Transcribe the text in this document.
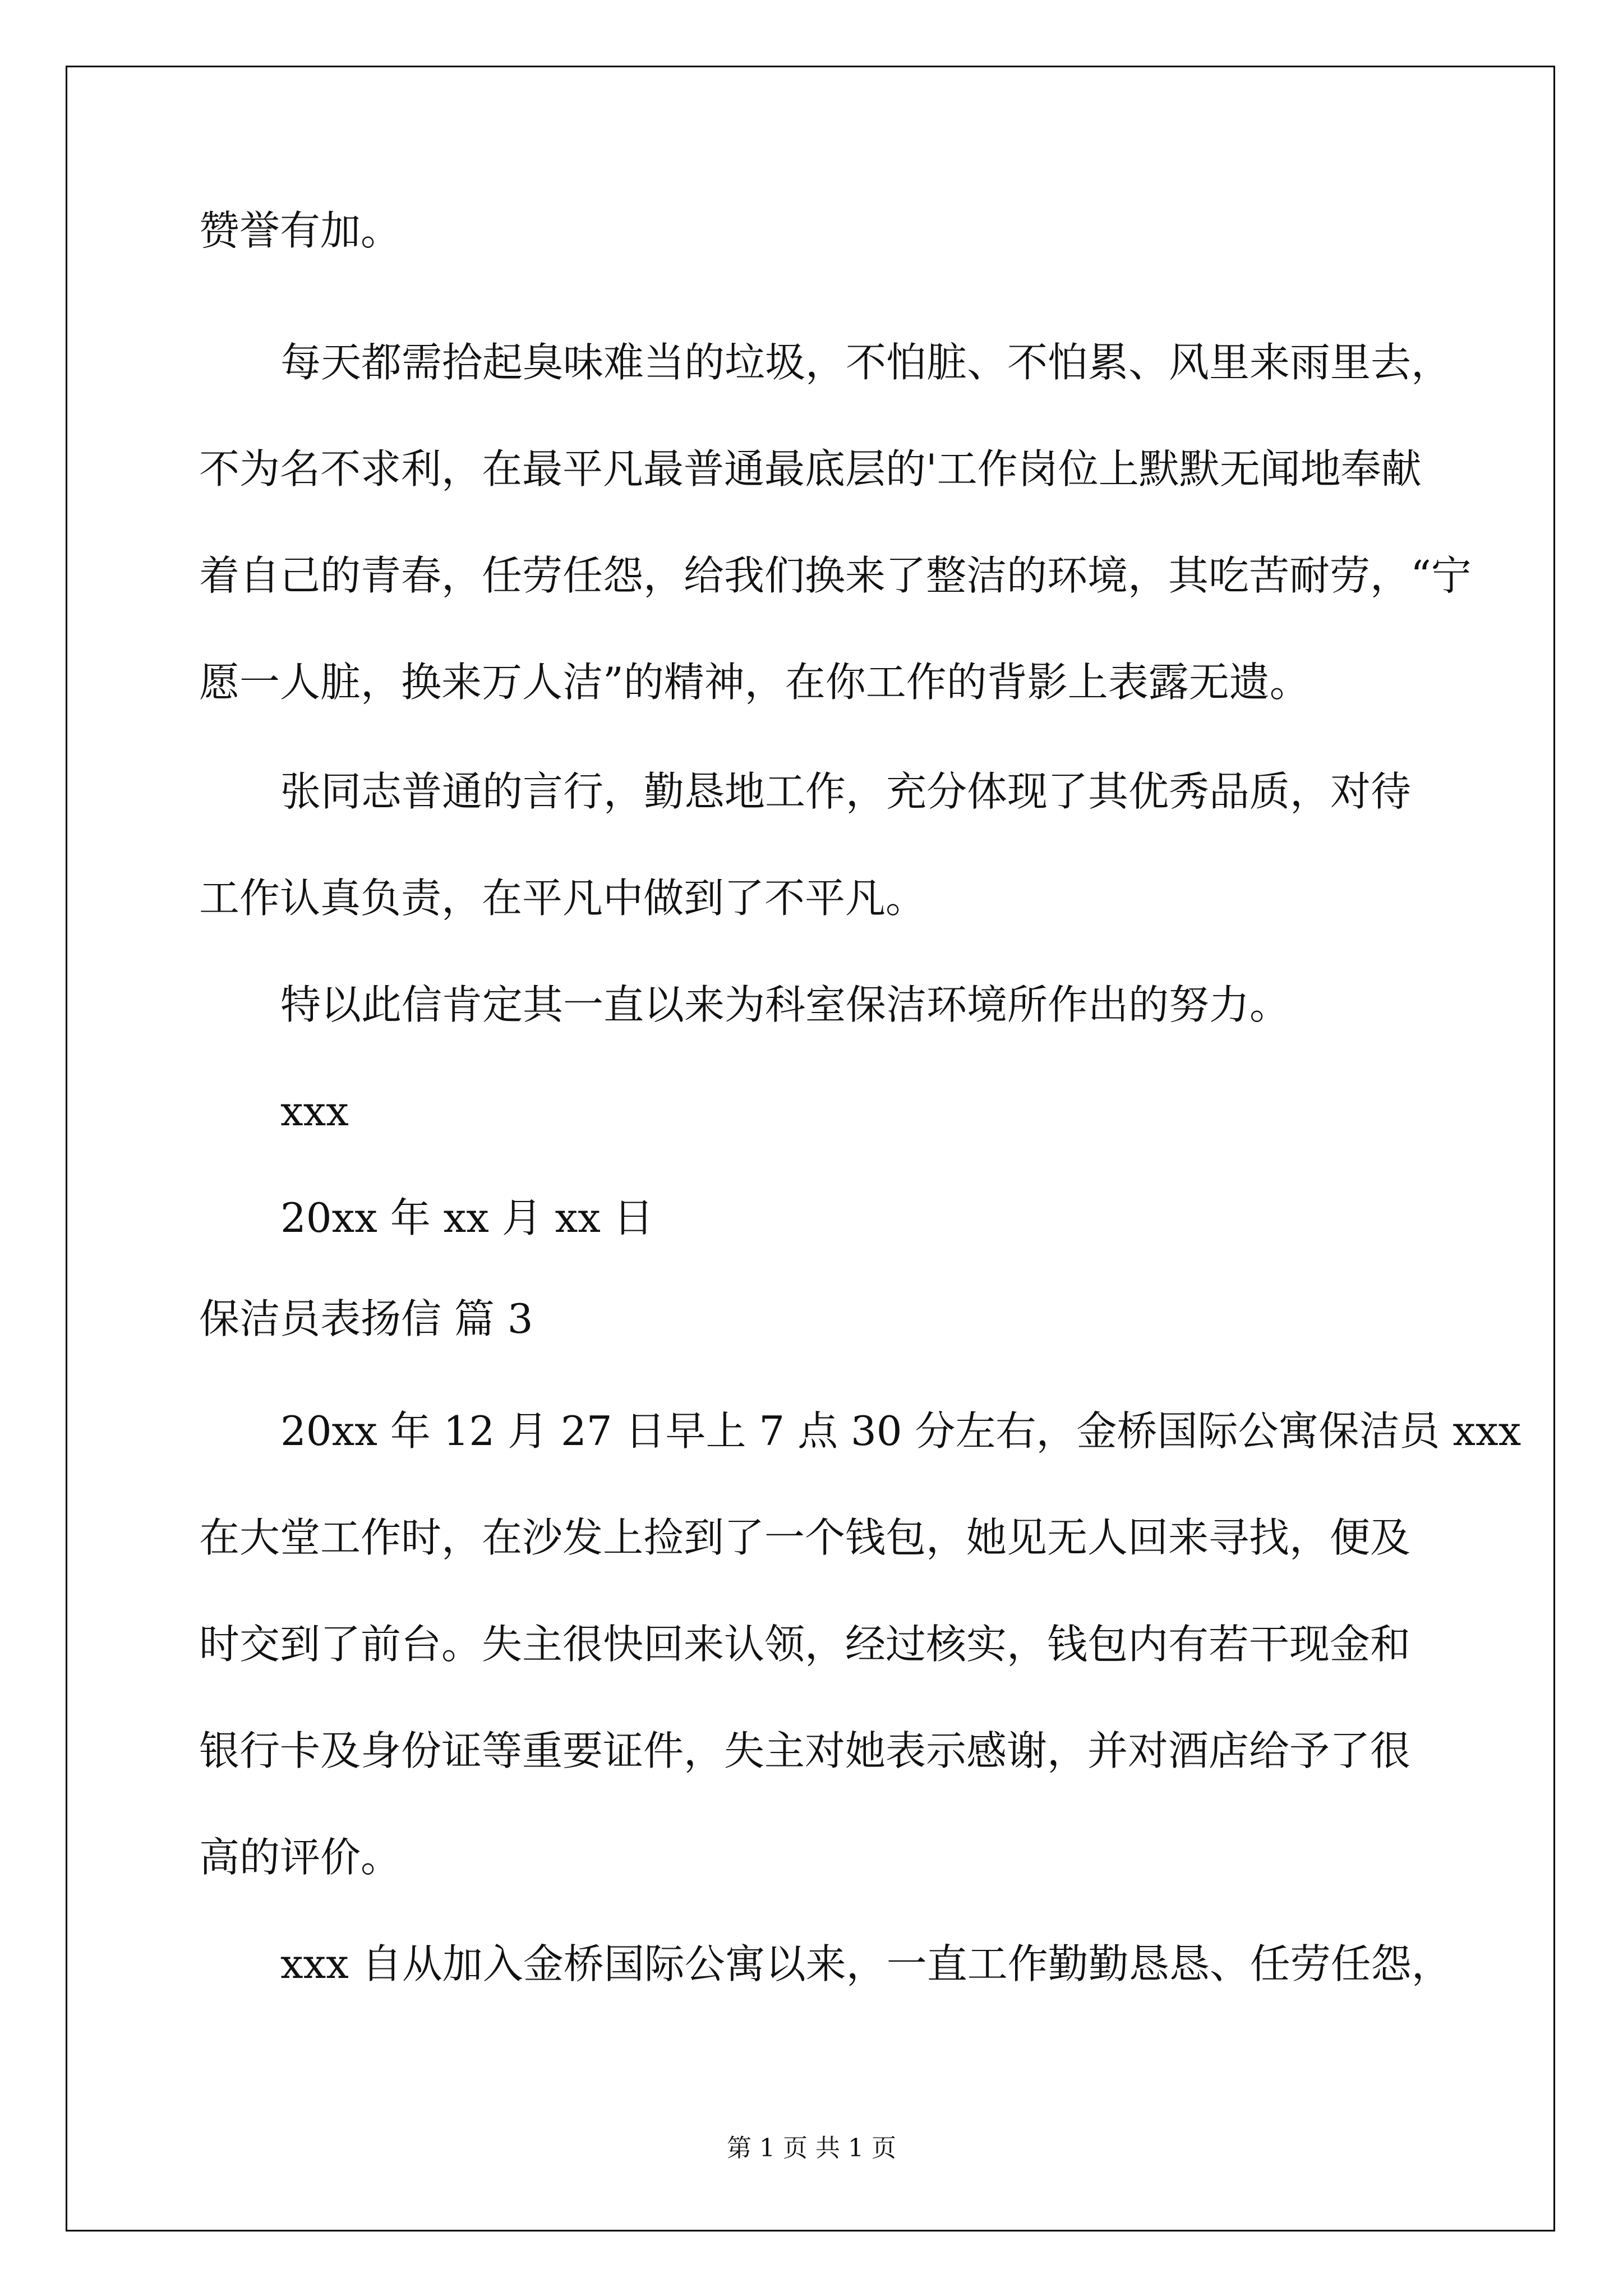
赞誉有加。
每天都需拾起臭味难当的垃圾，不怕脏、不怕累、风里来雨里去，
不为名不求利，在最平凡最普通最底层的'工作岗位上默默无闻地奉献
着自己的青春，任劳任怨，给我们换来了整洁的环境，其吃苦耐劳，“宁
愿一人脏，换来万人洁”的精神，在你工作的背影上表露无遗。
张同志普通的言行，勤恳地工作，充分体现了其优秀品质，对待
工作认真负责，在平凡中做到了不平凡。
特以此信肯定其一直以来为科室保洁环境所作出的努力。
xxx
20xx 年 xx 月 xx 日
保洁员表扬信 篇 3
20xx 年 12 月 27 日早上 7 点 30 分左右，金桥国际公寓保洁员 xxx
在大堂工作时，在沙发上捡到了一个钱包，她见无人回来寻找，便及
时交到了前台。失主很快回来认领，经过核实，钱包内有若干现金和
银行卡及身份证等重要证件，失主对她表示感谢，并对酒店给予了很
高的评价。
xxx 自从加入金桥国际公寓以来，一直工作勤勤恳恳、任劳任怨，
第 1 页 共 1 页
